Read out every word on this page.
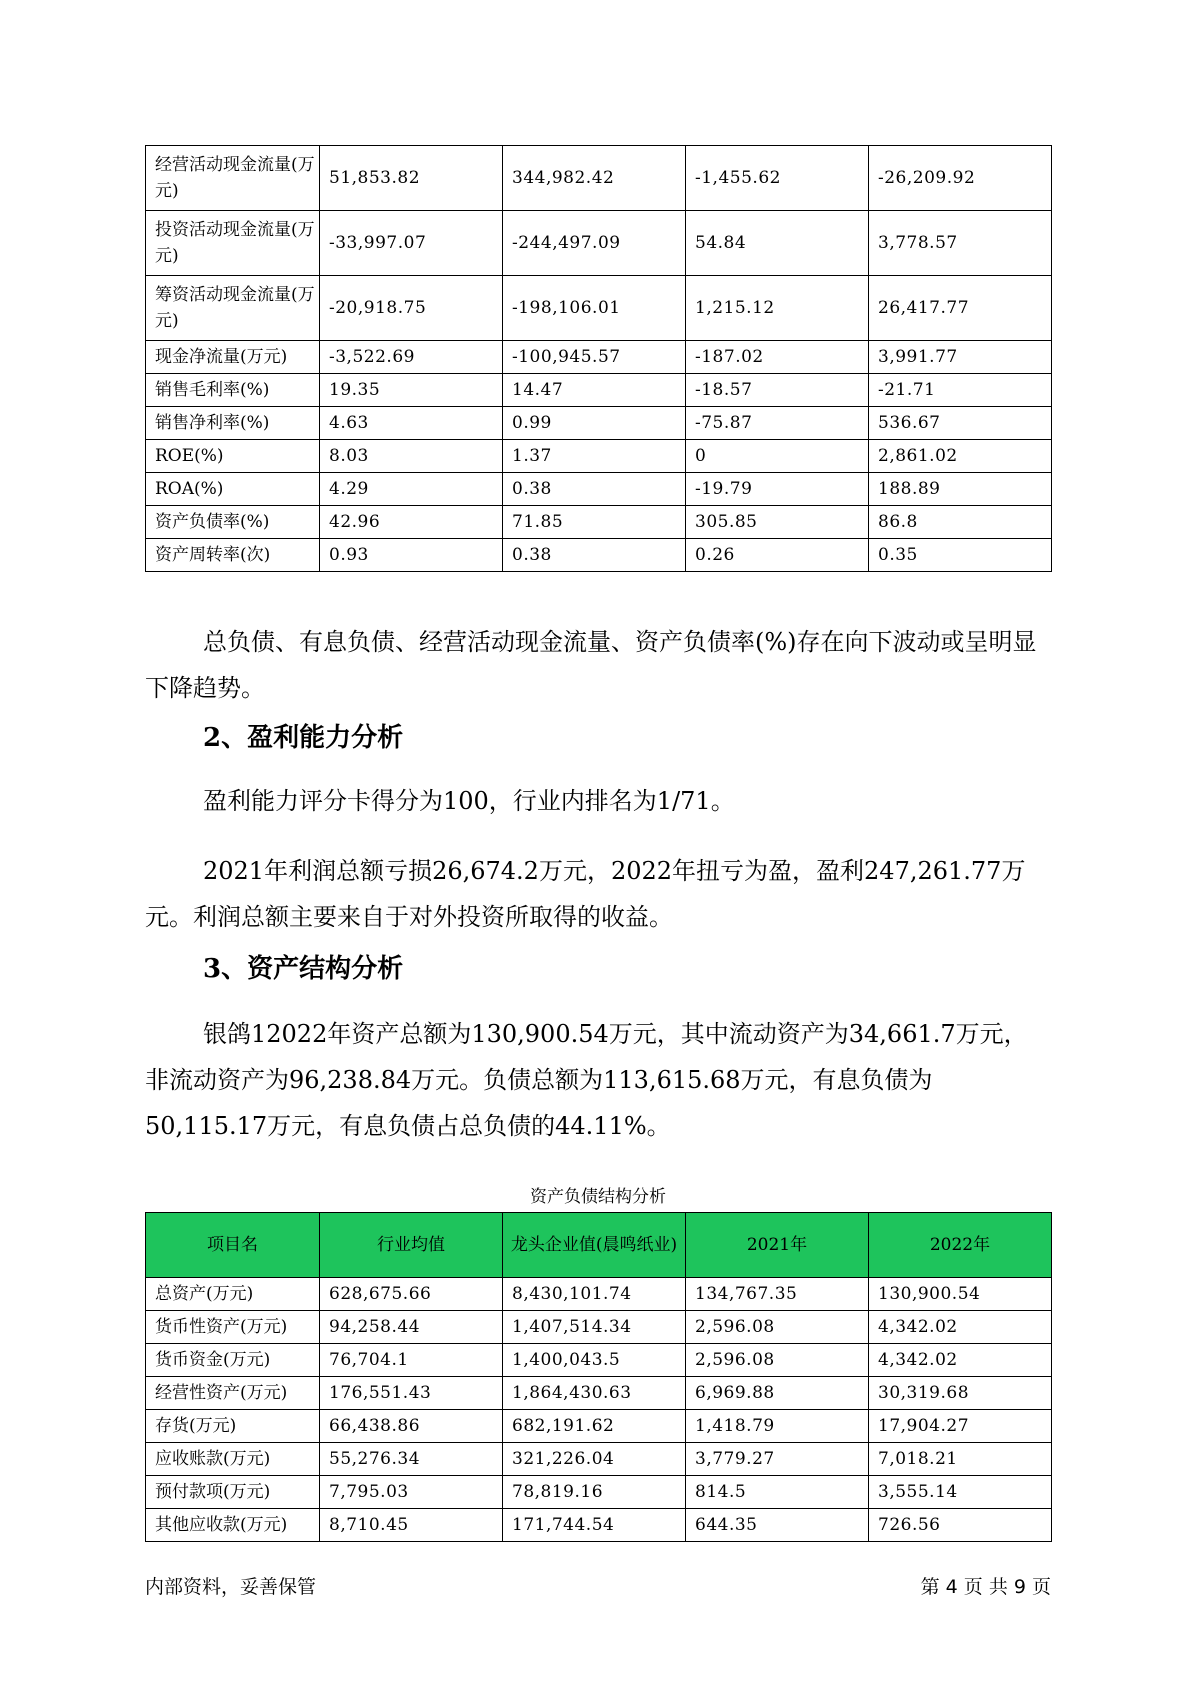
经营活动现金流量(万元)	51,853.82	344,982.42	-1,455.62	-26,209.92
投资活动现金流量(万元)	-33,997.07	-244,497.09	54.84	3,778.57
筹资活动现金流量(万元)	-20,918.75	-198,106.01	1,215.12	26,417.77
现金净流量(万元)	-3,522.69	-100,945.57	-187.02	3,991.77
销售毛利率(%)	19.35	14.47	-18.57	-21.71
销售净利率(%)	4.63	0.99	-75.87	536.67
ROE(%)	8.03	1.37	0	2,861.02
ROA(%)	4.29	0.38	-19.79	188.89
资产负债率(%)	42.96	71.85	305.85	86.8
资产周转率(次)	0.93	0.38	0.26	0.35

总负债、有息负债、经营活动现金流量、资产负债率(%)存在向下波动或呈明显下降趋势。

2、盈利能力分析

盈利能力评分卡得分为100，行业内排名为1/71。

2021年利润总额亏损26,674.2万元，2022年扭亏为盈，盈利247,261.77万元。利润总额主要来自于对外投资所取得的收益。

3、资产结构分析

银鸽12022年资产总额为130,900.54万元，其中流动资产为34,661.7万元，非流动资产为96,238.84万元。负债总额为113,615.68万元，有息负债为50,115.17万元，有息负债占总负债的44.11%。

资产负债结构分析
项目名	行业均值	龙头企业值(晨鸣纸业)	2021年	2022年
总资产(万元)	628,675.66	8,430,101.74	134,767.35	130,900.54
货币性资产(万元)	94,258.44	1,407,514.34	2,596.08	4,342.02
货币资金(万元)	76,704.1	1,400,043.5	2,596.08	4,342.02
经营性资产(万元)	176,551.43	1,864,430.63	6,969.88	30,319.68
存货(万元)	66,438.86	682,191.62	1,418.79	17,904.27
应收账款(万元)	55,276.34	321,226.04	3,779.27	7,018.21
预付款项(万元)	7,795.03	78,819.16	814.5	3,555.14
其他应收款(万元)	8,710.45	171,744.54	644.35	726.56
内部资料，妥善保管	第 4 页 共 9 页
